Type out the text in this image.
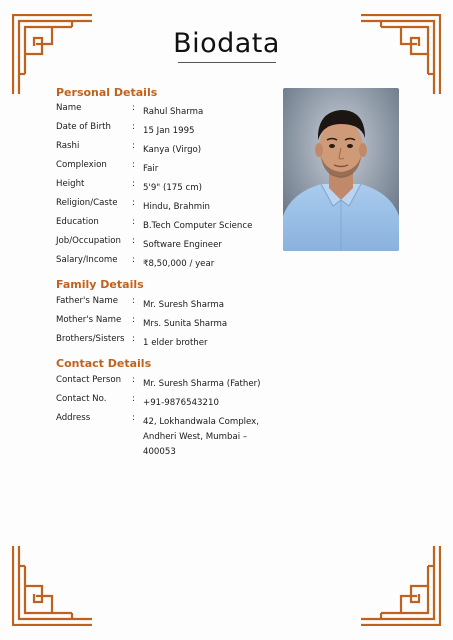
Biodata
Personal Details
Name	: Rahul Sharma
Date of Birth	: 15 Jan 1995
Rashi	: Kanya (Virgo)
Complexion	: Fair
Height	: 5'9" (175 cm)
Religion/Caste	: Hindu, Brahmin
Education	: B.Tech Computer Science
Job/Occupation	: Software Engineer
Salary/Income	: ₹8,50,000 / year
Family Details
Father's Name	: Mr. Suresh Sharma
Mother's Name	: Mrs. Sunita Sharma
Brothers/Sisters : 1 elder brother
Contact Details
Contact Person	: Mr. Suresh Sharma (Father)
Contact No.	: +91-9876543210
Address	: 42, Lokhandwala Complex, Andheri West, Mumbai – 400053
